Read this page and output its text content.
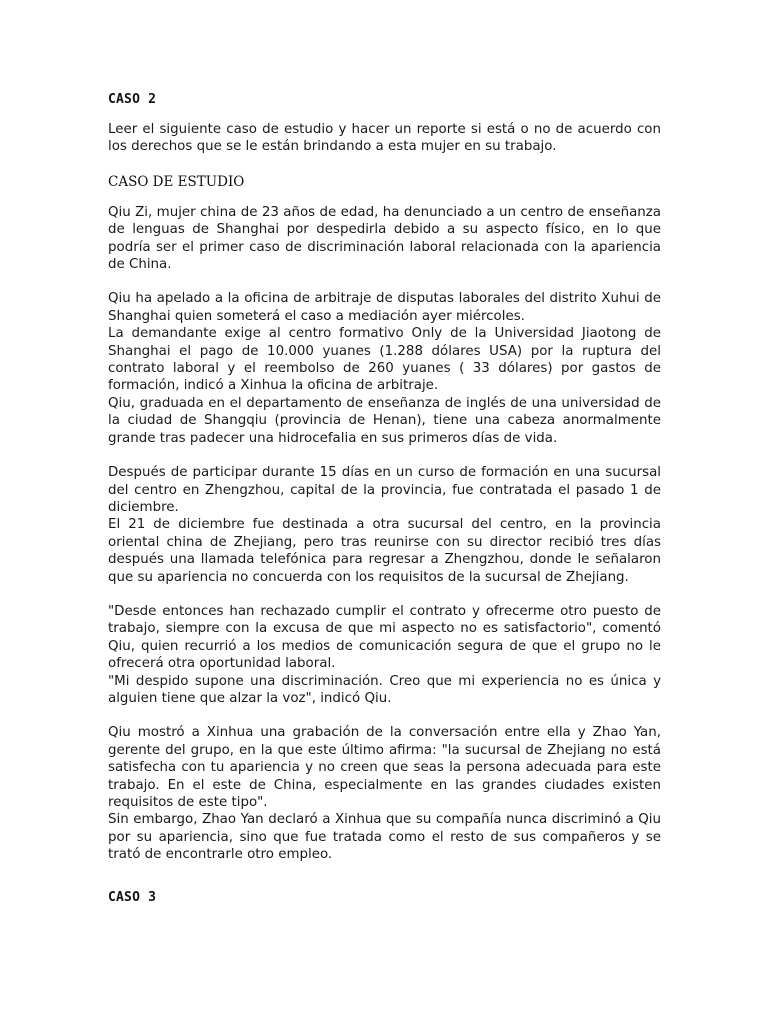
CASO 2

Leer el siguiente caso de estudio y hacer un reporte si está o no de acuerdo con los derechos que se le están brindando a esta mujer en su trabajo.

CASO DE ESTUDIO

Qiu Zi, mujer china de 23 años de edad, ha denunciado a un centro de enseñanza de lenguas de Shanghai por despedirla debido a su aspecto físico, en lo que podría ser el primer caso de discriminación laboral relacionada con la apariencia de China.

Qiu ha apelado a la oficina de arbitraje de disputas laborales del distrito Xuhui de Shanghai quien someterá el caso a mediación ayer miércoles.

La demandante exige al centro formativo Only de la Universidad Jiaotong de Shanghai el pago de 10.000 yuanes (1.288 dólares USA) por la ruptura del contrato laboral y el reembolso de 260 yuanes ( 33 dólares) por gastos de formación, indicó a Xinhua la oficina de arbitraje.

Qiu, graduada en el departamento de enseñanza de inglés de una universidad de la ciudad de Shangqiu (provincia de Henan), tiene una cabeza anormalmente grande tras padecer una hidrocefalia en sus primeros días de vida.

Después de participar durante 15 días en un curso de formación en una sucursal del centro en Zhengzhou, capital de la provincia, fue contratada el pasado 1 de diciembre.

El 21 de diciembre fue destinada a otra sucursal del centro, en la provincia oriental china de Zhejiang, pero tras reunirse con su director recibió tres días después una llamada telefónica para regresar a Zhengzhou, donde le señalaron que su apariencia no concuerda con los requisitos de la sucursal de Zhejiang.

"Desde entonces han rechazado cumplir el contrato y ofrecerme otro puesto de trabajo, siempre con la excusa de que mi aspecto no es satisfactorio", comentó Qiu, quien recurrió a los medios de comunicación segura de que el grupo no le ofrecerá otra oportunidad laboral.

"Mi despido supone una discriminación. Creo que mi experiencia no es única y alguien tiene que alzar la voz", indicó Qiu.

Qiu mostró a Xinhua una grabación de la conversación entre ella y Zhao Yan, gerente del grupo, en la que este último afirma: "la sucursal de Zhejiang no está satisfecha con tu apariencia y no creen que seas la persona adecuada para este trabajo. En el este de China, especialmente en las grandes ciudades existen requisitos de este tipo".

Sin embargo, Zhao Yan declaró a Xinhua que su compañía nunca discriminó a Qiu por su apariencia, sino que fue tratada como el resto de sus compañeros y se trató de encontrarle otro empleo.

CASO 3
